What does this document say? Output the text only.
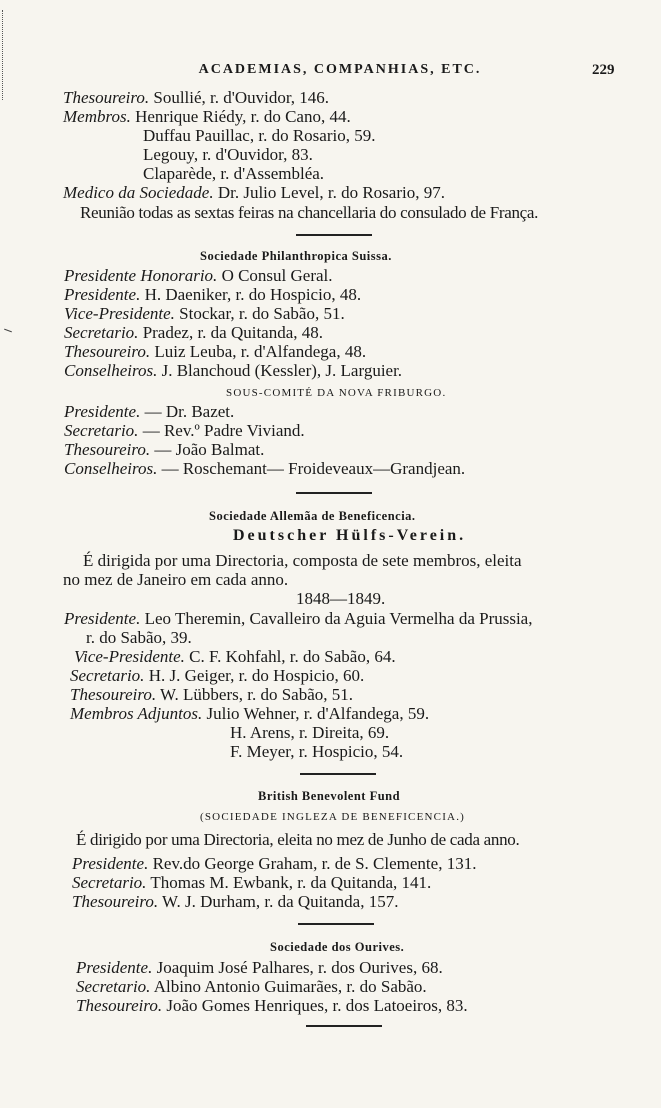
ACADEMIAS, COMPANHIAS, ETC.	229
Thesoureiro. Soullié, r. d'Ouvidor, 146.
Membros. Henrique Riédy, r. do Cano, 44.
Duffau Pauillac, r. do Rosario, 59.
Legouy, r. d'Ouvidor, 83.
Claparède, r. d'Assembléa.
Medico da Sociedade. Dr. Julio Level, r. do Rosario, 97.
Reunião todas as sextas feiras na chancellaria do consulado de França.
Sociedade Philanthropica Suissa.
Presidente Honorario. O Consul Geral.
Presidente. H. Daeniker, r. do Hospicio, 48.
Vice-Presidente. Stockar, r. do Sabão, 51.
Secretario. Pradez, r. da Quitanda, 48.
Thesoureiro. Luiz Leuba, r. d'Alfandega, 48.
Conselheiros. J. Blanchoud (Kessler), J. Larguier.
SOUS-COMITÉ DA NOVA FRIBURGO.
Presidente. — Dr. Bazet.
Secretario. — Rev.º Padre Viviand.
Thesoureiro. — João Balmat.
Conselheiros. — Roschemant— Froideveaux—Grandjean.
Sociedade Allemãa de Beneficencia.
Deutscher Hülfs-Verein.
É dirigida por uma Directoria, composta de sete membros, eleita
no mez de Janeiro em cada anno.
1848—1849.
Presidente. Leo Theremin, Cavalleiro da Aguia Vermelha da Prussia,
r. do Sabão, 39.
Vice-Presidente. C. F. Kohfahl, r. do Sabão, 64.
Secretario. H. J. Geiger, r. do Hospicio, 60.
Thesoureiro. W. Lübbers, r. do Sabão, 51.
Membros Adjuntos. Julio Wehner, r. d'Alfandega, 59.
H. Arens, r. Direita, 69.
F. Meyer, r. Hospicio, 54.
British Benevolent Fund
(SOCIEDADE INGLEZA DE BENEFICENCIA.)
É dirigido por uma Directoria, eleita no mez de Junho de cada anno.
Presidente. Rev.do George Graham, r. de S. Clemente, 131.
Secretario. Thomas M. Ewbank, r. da Quitanda, 141.
Thesoureiro. W. J. Durham, r. da Quitanda, 157.
Sociedade dos Ourives.
Presidente. Joaquim José Palhares, r. dos Ourives, 68.
Secretario. Albino Antonio Guimarães, r. do Sabão.
Thesoureiro. João Gomes Henriques, r. dos Latoeiros, 83.
